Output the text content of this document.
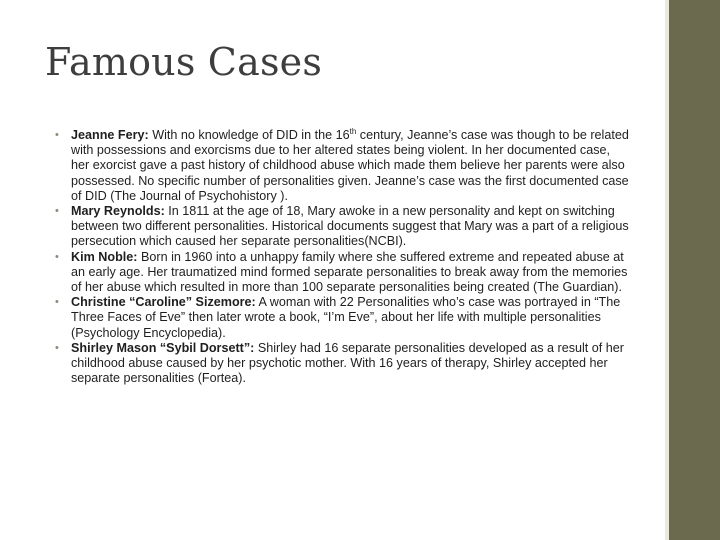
Famous Cases
• Jeanne Fery: With no knowledge of DID in the 16th century, Jeanne’s case was though to be related with possessions and exorcisms due to her altered states being violent. In her documented case, her exorcist gave a past history of childhood abuse which made them believe her parents were also possessed. No specific number of personalities given. Jeanne’s case was the first documented case of DID (The Journal of Psychohistory ).
• Mary Reynolds: In 1811 at the age of 18, Mary awoke in a new personality and kept on switching between two different personalities. Historical documents suggest that Mary was a part of a religious persecution which caused her separate personalities(NCBI).
• Kim Noble: Born in 1960 into a unhappy family where she suffered extreme and repeated abuse at an early age. Her traumatized mind formed separate personalities to break away from the memories of her abuse which resulted in more than 100 separate personalities being created (The Guardian).
• Christine “Caroline” Sizemore: A woman with 22 Personalities who’s case was portrayed in “The Three Faces of Eve” then later wrote a book, “I’m Eve”, about her life with multiple personalities (Psychology Encyclopedia).
• Shirley Mason “Sybil Dorsett”: Shirley had 16 separate personalities developed as a result of her childhood abuse caused by her psychotic mother. With 16 years of therapy, Shirley accepted her separate personalities (Fortea).
